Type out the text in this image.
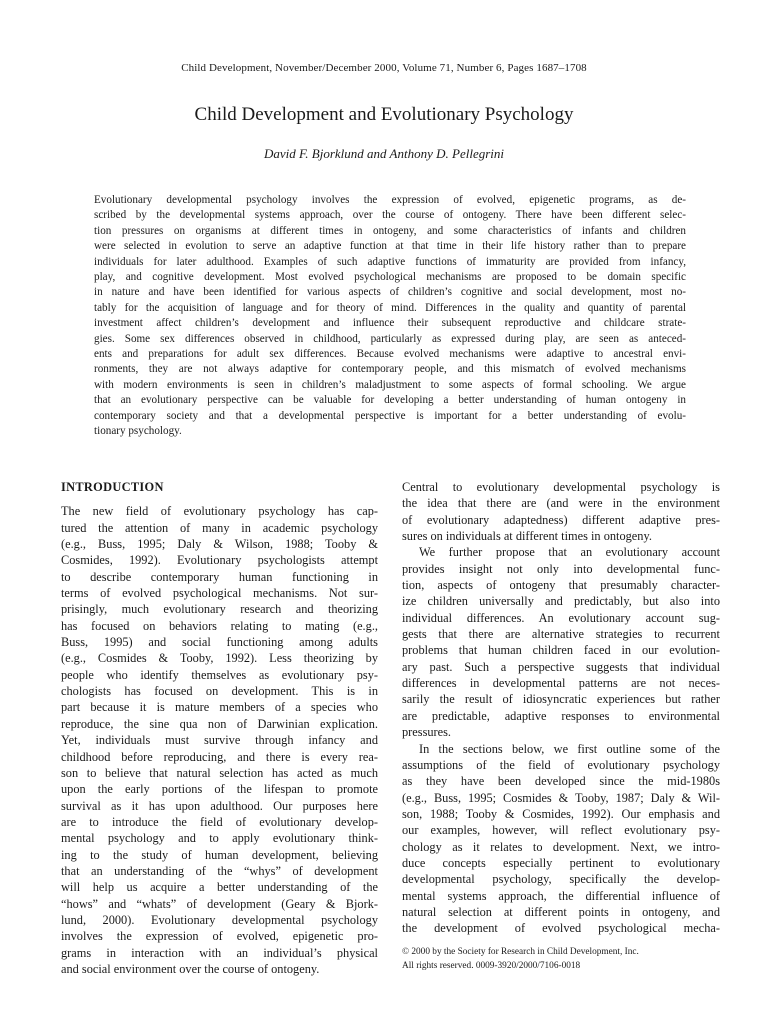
Child Development, November/December 2000, Volume 71, Number 6, Pages 1687–1708
Child Development and Evolutionary Psychology
David F. Bjorklund and Anthony D. Pellegrini
Evolutionary developmental psychology involves the expression of evolved, epigenetic programs, as de-
scribed by the developmental systems approach, over the course of ontogeny. There have been different selec-
tion pressures on organisms at different times in ontogeny, and some characteristics of infants and children
were selected in evolution to serve an adaptive function at that time in their life history rather than to prepare
individuals for later adulthood. Examples of such adaptive functions of immaturity are provided from infancy,
play, and cognitive development. Most evolved psychological mechanisms are proposed to be domain specific
in nature and have been identified for various aspects of children’s cognitive and social development, most no-
tably for the acquisition of language and for theory of mind. Differences in the quality and quantity of parental
investment affect children’s development and influence their subsequent reproductive and childcare strate-
gies. Some sex differences observed in childhood, particularly as expressed during play, are seen as anteced-
ents and preparations for adult sex differences. Because evolved mechanisms were adaptive to ancestral envi-
ronments, they are not always adaptive for contemporary people, and this mismatch of evolved mechanisms
with modern environments is seen in children’s maladjustment to some aspects of formal schooling. We argue
that an evolutionary perspective can be valuable for developing a better understanding of human ontogeny in
contemporary society and that a developmental perspective is important for a better understanding of evolu-
tionary psychology.
INTRODUCTION
The new field of evolutionary psychology has cap-
tured the attention of many in academic psychology
(e.g., Buss, 1995; Daly & Wilson, 1988; Tooby &
Cosmides, 1992). Evolutionary psychologists attempt
to describe contemporary human functioning in
terms of evolved psychological mechanisms. Not sur-
prisingly, much evolutionary research and theorizing
has focused on behaviors relating to mating (e.g.,
Buss, 1995) and social functioning among adults
(e.g., Cosmides & Tooby, 1992). Less theorizing by
people who identify themselves as evolutionary psy-
chologists has focused on development. This is in
part because it is mature members of a species who
reproduce, the sine qua non of Darwinian explication.
Yet, individuals must survive through infancy and
childhood before reproducing, and there is every rea-
son to believe that natural selection has acted as much
upon the early portions of the lifespan to promote
survival as it has upon adulthood. Our purposes here
are to introduce the field of evolutionary develop-
mental psychology and to apply evolutionary think-
ing to the study of human development, believing
that an understanding of the “whys” of development
will help us acquire a better understanding of the
“hows” and “whats” of development (Geary & Bjork-
lund, 2000). Evolutionary developmental psychology
involves the expression of evolved, epigenetic pro-
grams in interaction with an individual’s physical
and social environment over the course of ontogeny.
Central to evolutionary developmental psychology is
the idea that there are (and were in the environment
of evolutionary adaptedness) different adaptive pres-
sures on individuals at different times in ontogeny.
We further propose that an evolutionary account
provides insight not only into developmental func-
tion, aspects of ontogeny that presumably character-
ize children universally and predictably, but also into
individual differences. An evolutionary account sug-
gests that there are alternative strategies to recurrent
problems that human children faced in our evolution-
ary past. Such a perspective suggests that individual
differences in developmental patterns are not neces-
sarily the result of idiosyncratic experiences but rather
are predictable, adaptive responses to environmental
pressures.
In the sections below, we first outline some of the
assumptions of the field of evolutionary psychology
as they have been developed since the mid-1980s
(e.g., Buss, 1995; Cosmides & Tooby, 1987; Daly & Wil-
son, 1988; Tooby & Cosmides, 1992). Our emphasis and
our examples, however, will reflect evolutionary psy-
chology as it relates to development. Next, we intro-
duce concepts especially pertinent to evolutionary
developmental psychology, specifically the develop-
mental systems approach, the differential influence of
natural selection at different points in ontogeny, and
the development of evolved psychological mecha-
© 2000 by the Society for Research in Child Development, Inc.
All rights reserved. 0009-3920/2000/7106-0018
